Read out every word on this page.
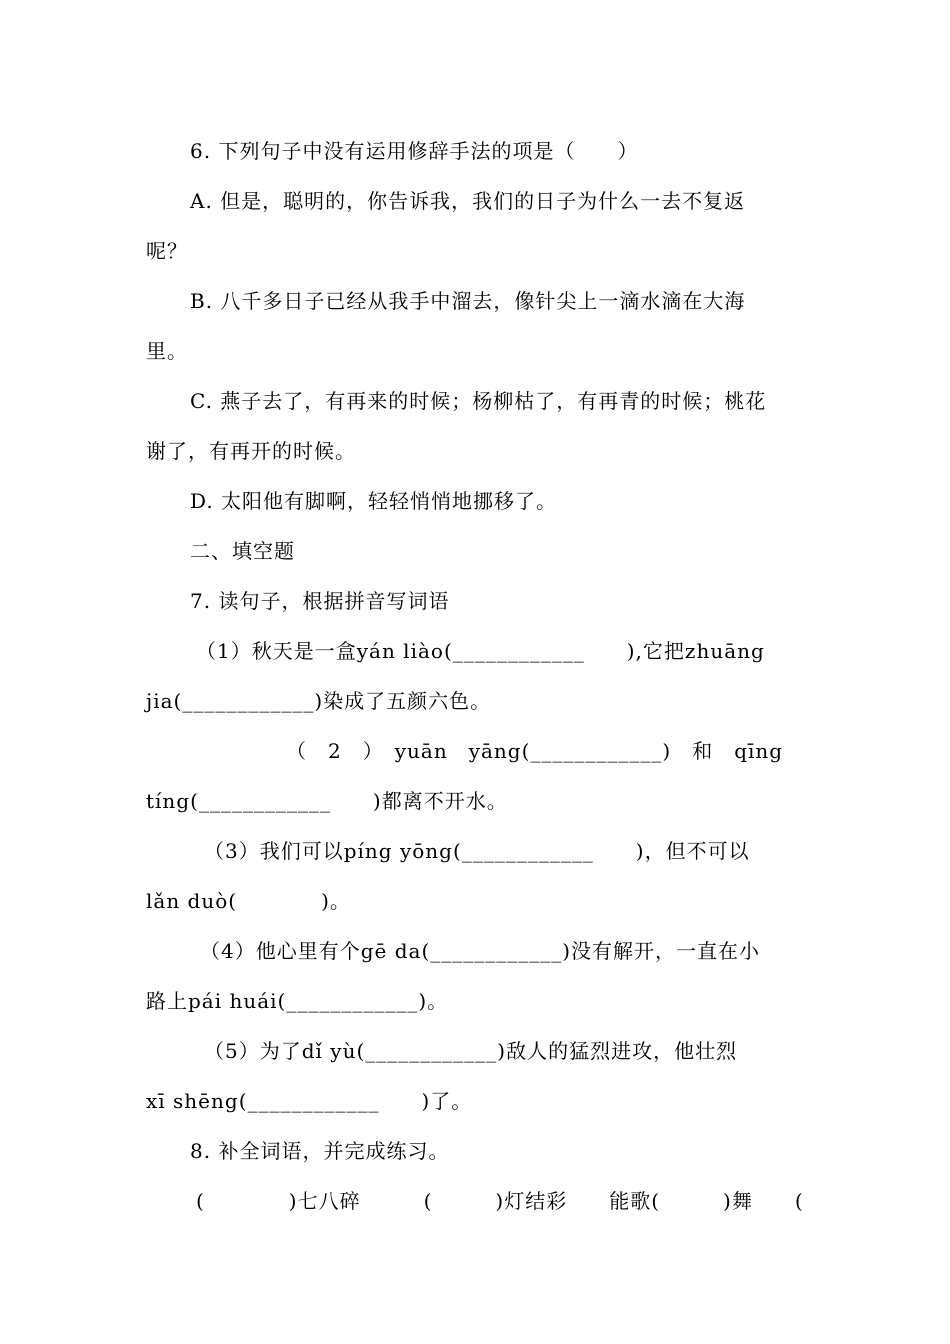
6. 下列句子中没有运用修辞手法的项是（　　）
A. 但是，聪明的，你告诉我，我们的日子为什么一去不复返
呢？
B. 八千多日子已经从我手中溜去，像针尖上一滴水滴在大海
里。
C. 燕子去了，有再来的时候；杨柳枯了，有再青的时候；桃花
谢了，有再开的时候。
D. 太阳他有脚啊，轻轻悄悄地挪移了。
二、填空题
7. 读句子，根据拼音写词语
（1）秋天是一盒yán liào(____________　　),它把zhuāng
jia(____________)染成了五颜六色。
（　2　）　yuān　yāng(____________)　和　qīng
tíng(____________　　)都离不开水。
（3）我们可以píng yōng(____________　　)，但不可以
lǎn duò(　　　　)。
（4）他心里有个gē da(____________)没有解开，一直在小
路上pái huái(____________)。
（5）为了dǐ yù(____________)敌人的猛烈进攻，他壮烈
xī shēng(____________　　)了。
8. 补全词语，并完成练习。
(　　　　)七八碎　　　(　　　)灯结彩　　能歌(　　　)舞　　(
